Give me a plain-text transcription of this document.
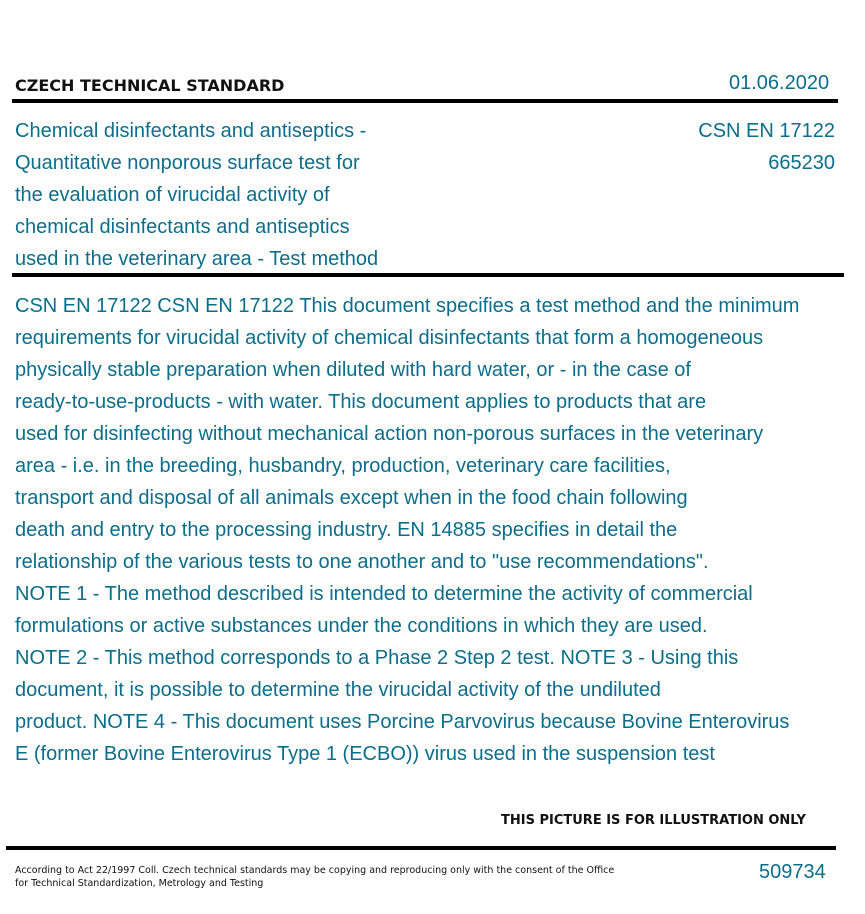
CZECH TECHNICAL STANDARD	01.06.2020
Chemical disinfectants and antiseptics -
Quantitative nonporous surface test for
the evaluation of virucidal activity of
chemical disinfectants and antiseptics
used in the veterinary area - Test method
CSN EN 17122
665230
CSN EN 17122 CSN EN 17122 This document specifies a test method and the minimum
requirements for virucidal activity of chemical disinfectants that form a homogeneous
physically stable preparation when diluted with hard water, or - in the case of
ready-to-use-products - with water. This document applies to products that are
used for disinfecting without mechanical action non-porous surfaces in the veterinary
area - i.e. in the breeding, husbandry, production, veterinary care facilities,
transport and disposal of all animals except when in the food chain following
death and entry to the processing industry. EN 14885 specifies in detail the
relationship of the various tests to one another and to "use recommendations".
NOTE 1 - The method described is intended to determine the activity of commercial
formulations or active substances under the conditions in which they are used.
NOTE 2 - This method corresponds to a Phase 2 Step 2 test. NOTE 3 - Using this
document, it is possible to determine the virucidal activity of the undiluted
product. NOTE 4 - This document uses Porcine Parvovirus because Bovine Enterovirus
E (former Bovine Enterovirus Type 1 (ECBO)) virus used in the suspension test
THIS PICTURE IS FOR ILLUSTRATION ONLY
According to Act 22/1997 Coll. Czech technical standards may be copying and reproducing only with the consent of the Office
for Technical Standardization, Metrology and Testing
509734
